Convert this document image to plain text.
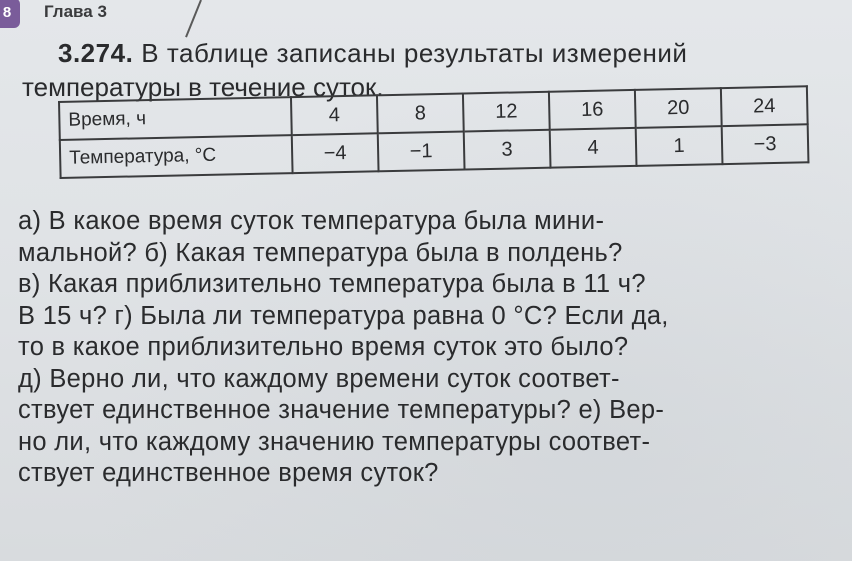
8	Глава 3
3.274. В таблице записаны результаты измерений
температуры в течение суток.
Время, ч	4	8	12	16	20	24
Температура, °С	−4	−1	3	4	1	−3
а) В какое время суток температура была мини-
мальной? б) Какая температура была в полдень?
в) Какая приблизительно температура была в 11 ч?
В 15 ч? г) Была ли температура равна 0 °С? Если да,
то в какое приблизительно время суток это было?
д) Верно ли, что каждому времени суток соответ-
ствует единственное значение температуры? е) Вер-
но ли, что каждому значению температуры соответ-
ствует единственное время суток?
